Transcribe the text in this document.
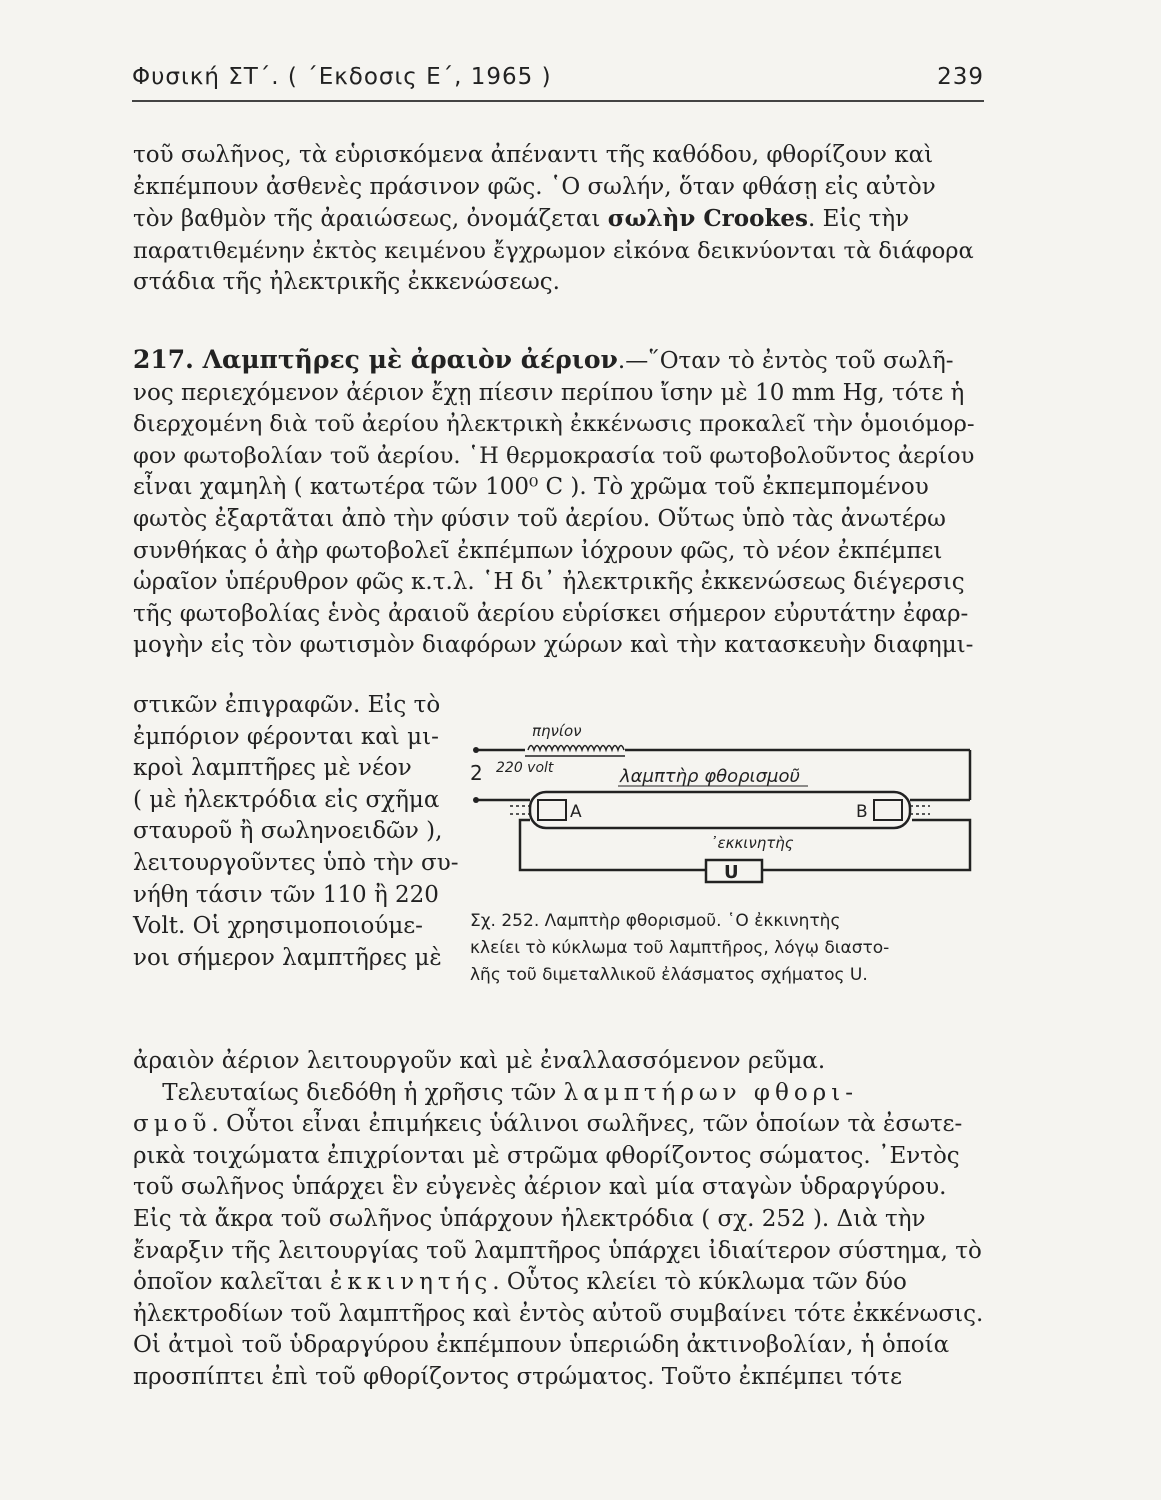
Φυσική ΣΤ΄. ( ΄Εκδοσις Ε΄, 1965 )	239
τοῦ σωλῆνος, τὰ εὑρισκόμενα ἀπέναντι τῆς καθόδου, φθορίζουν καὶ
ἐκπέμπουν ἀσθενὲς πράσινον φῶς. ῾Ο σωλήν, ὅταν φθάσῃ εἰς αὐτὸν
τὸν βαθμὸν τῆς ἀραιώσεως, ὀνομάζεται σωλὴν Crookes. Εἰς τὴν
παρατιθεμένην ἐκτὸς κειμένου ἔγχρωμον εἰκόνα δεικνύονται τὰ διάφορα
στάδια τῆς ἠλεκτρικῆς ἐκκενώσεως.
217. Λαμπτῆρες μὲ ἀραιὸν ἀέριον.—῞Οταν τὸ ἐντὸς τοῦ σωλῆ-
νος περιεχόμενον ἀέριον ἔχῃ πίεσιν περίπου ἴσην μὲ 10 mm Hg, τότε ἡ
διερχομένη διὰ τοῦ ἀερίου ἠλεκτρικὴ ἐκκένωσις προκαλεῖ τὴν ὁμοιόμορ-
φον φωτοβολίαν τοῦ ἀερίου. ῾Η θερμοκρασία τοῦ φωτοβολοῦντος ἀερίου
εἶναι χαμηλὴ ( κατωτέρα τῶν 100⁰ C ). Τὸ χρῶμα τοῦ ἐκπεμπομένου
φωτὸς ἐξαρτᾶται ἀπὸ τὴν φύσιν τοῦ ἀερίου. Οὕτως ὑπὸ τὰς ἀνωτέρω
συνθήκας ὁ ἀὴρ φωτοβολεῖ ἐκπέμπων ἰόχρουν φῶς, τὸ νέον ἐκπέμπει
ὡραῖον ὑπέρυθρον φῶς κ.τ.λ. ῾Η δι᾽ ἠλεκτρικῆς ἐκκενώσεως διέγερσις
τῆς φωτοβολίας ἑνὸς ἀραιοῦ ἀερίου εὑρίσκει σήμερον εὐρυτάτην ἐφαρ-
μογὴν εἰς τὸν φωτισμὸν διαφόρων χώρων καὶ τὴν κατασκευὴν διαφημι-
στικῶν ἐπιγραφῶν. Εἰς τὸ
ἐμπόριον φέρονται καὶ μι-
κροὶ λαμπτῆρες μὲ νέον
( μὲ ἠλεκτρόδια εἰς σχῆμα
σταυροῦ ἢ σωληνοειδῶν ),
λειτουργοῦντες ὑπὸ τὴν συ-
νήθη τάσιν τῶν 110 ἢ 220
Volt. Οἱ χρησιμοποιούμε-
νοι σήμερον λαμπτῆρες μὲ
πηνίον
2 220 volt	λαμπτὴρ φθορισμοῦ
A	B
᾿εκκινητὴς
U
Σχ. 252. Λαμπτὴρ φθορισμοῦ. ῾Ο ἐκκινητὴς
κλείει τὸ κύκλωμα τοῦ λαμπτῆρος, λόγῳ διαστο-
λῆς τοῦ διμεταλλικοῦ ἐλάσματος σχήματος U.
ἀραιὸν ἀέριον λειτουργοῦν καὶ μὲ ἐναλλασσόμενον ρεῦμα.
Τελευταίως διεδόθη ἡ χρῆσις τῶν λαμπτήρων φθορι-
σμοῦ. Οὗτοι εἶναι ἐπιμήκεις ὑάλινοι σωλῆνες, τῶν ὁποίων τὰ ἐσωτε-
ρικὰ τοιχώματα ἐπιχρίονται μὲ στρῶμα φθορίζοντος σώματος. ᾿Εντὸς
τοῦ σωλῆνος ὑπάρχει ἓν εὐγενὲς ἀέριον καὶ μία σταγὼν ὑδραργύρου.
Εἰς τὰ ἄκρα τοῦ σωλῆνος ὑπάρχουν ἠλεκτρόδια ( σχ. 252 ). Διὰ τὴν
ἔναρξιν τῆς λειτουργίας τοῦ λαμπτῆρος ὑπάρχει ἰδιαίτερον σύστημα, τὸ
ὁποῖον καλεῖται ἐκκινητής. Οὗτος κλείει τὸ κύκλωμα τῶν δύο
ἠλεκτροδίων τοῦ λαμπτῆρος καὶ ἐντὸς αὐτοῦ συμβαίνει τότε ἐκκένωσις.
Οἱ ἀτμοὶ τοῦ ὑδραργύρου ἐκπέμπουν ὑπεριώδη ἀκτινοβολίαν, ἡ ὁποία
προσπίπτει ἐπὶ τοῦ φθορίζοντος στρώματος. Τοῦτο ἐκπέμπει τότε
